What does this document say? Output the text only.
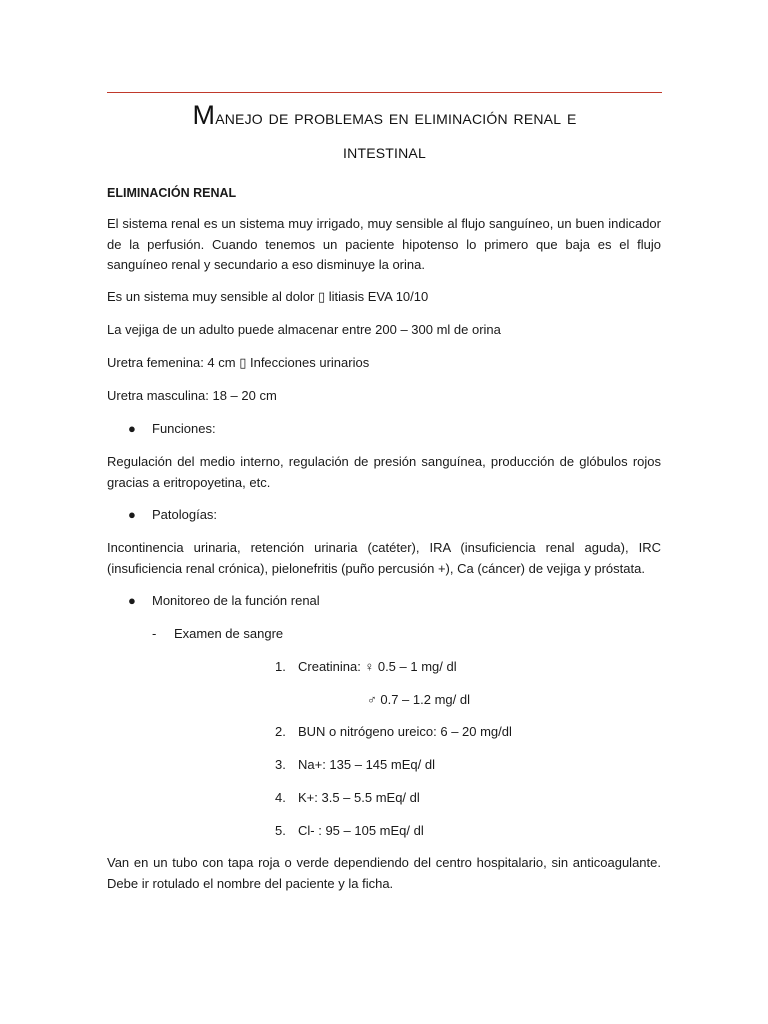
Manejo de problemas en eliminación renal e
intestinal

ELIMINACIÓN RENAL

El sistema renal es un sistema muy irrigado, muy sensible al flujo sanguíneo, un buen indicador de la perfusión. Cuando tenemos un paciente hipotenso lo primero que baja es el flujo sanguíneo renal y secundario a eso disminuye la orina.

Es un sistema muy sensible al dolor ▯ litiasis EVA 10/10

La vejiga de un adulto puede almacenar entre 200 – 300 ml de orina

Uretra femenina: 4 cm ▯ Infecciones urinarios

Uretra masculina: 18 – 20 cm

● Funciones:

Regulación del medio interno, regulación de presión sanguínea, producción de glóbulos rojos gracias a eritropoyetina, etc.

● Patologías:

Incontinencia urinaria, retención urinaria (catéter), IRA (insuficiencia renal aguda), IRC (insuficiencia renal crónica), pielonefritis (puño percusión +), Ca (cáncer) de vejiga y próstata.

● Monitoreo de la función renal
- Examen de sangre
1. Creatinina: ♀ 0.5 – 1 mg/ dl
♂ 0.7 – 1.2 mg/ dl
2. BUN o nitrógeno ureico: 6 – 20 mg/dl
3. Na+: 135 – 145 mEq/ dl
4. K+: 3.5 – 5.5 mEq/ dl
5. Cl- : 95 – 105 mEq/ dl

Van en un tubo con tapa roja o verde dependiendo del centro hospitalario, sin anticoagulante. Debe ir rotulado el nombre del paciente y la ficha.
